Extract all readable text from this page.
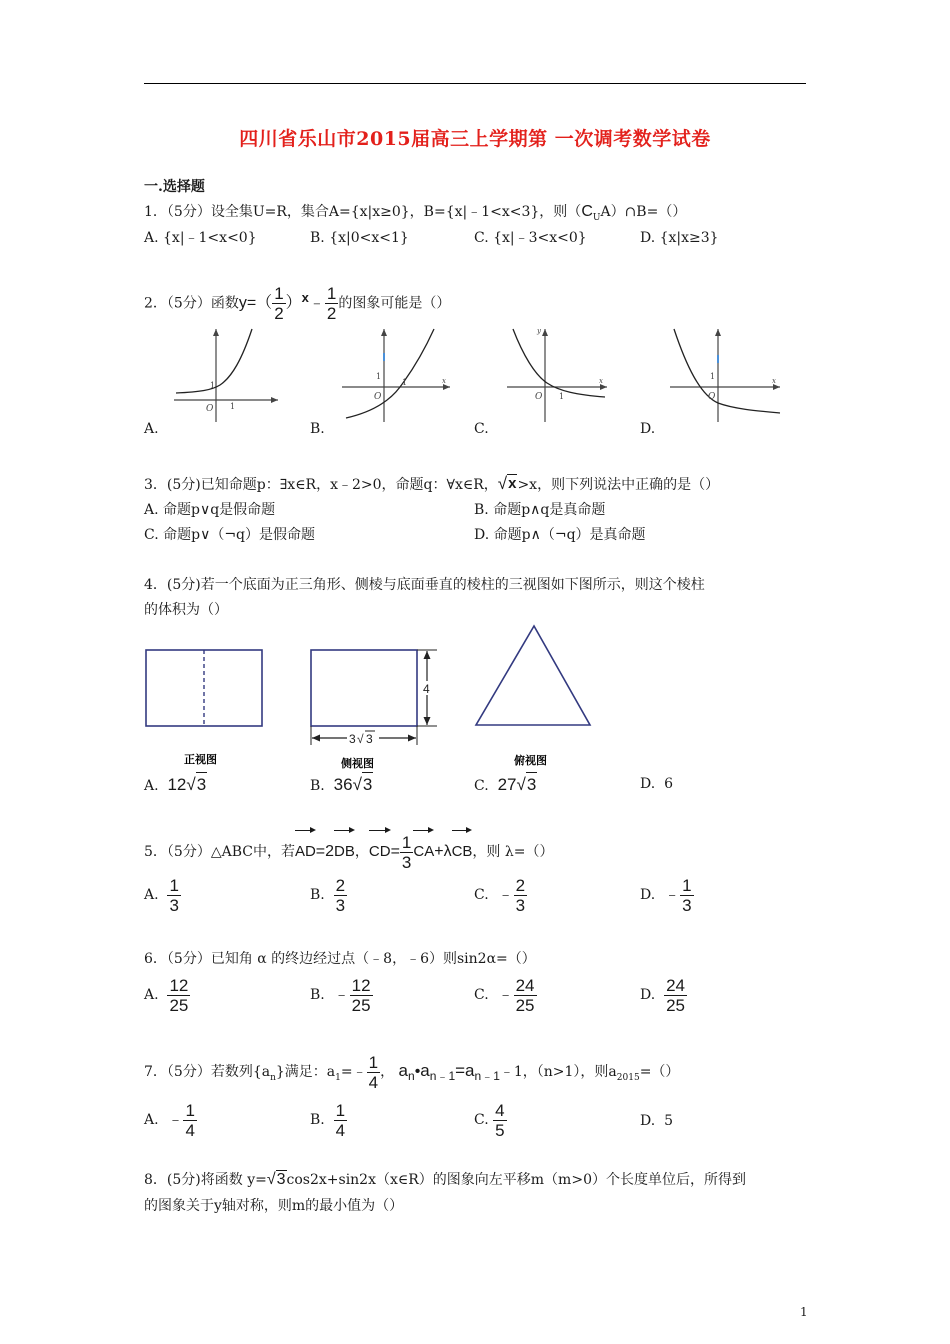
四川省乐山市2015届高三上学期第 一次调考数学试卷
一.选择题
1．（5分）设全集U=R，集合A={x|x≥0}，B={x|﹣1<x<3}，则$(C_UA)\cap B=()$
A. {x|﹣1<x<0}	B. {x|0<x<1}	C. {x|﹣3<x<0}	D. {x|x≥3}
2．（5分）函数$y=( \frac{1}{2}$ ）$^x﹣ \frac{1}{2}$ 的图象可能是（）
O 1
1
O
1
1	x
O 1
x
y
O
1	x
A.	B.	C.	D.
3．(5分)已知命题p：∃x∈R，x﹣2>0，命题q：∀x∈R， √ x >x，则下列说法中正确的是（）
A. 命题p∨q是假命题	B. 命题p∧q是真命题
C. 命题p∨（¬q）是假命题	D. 命题p∧（¬q）是真命题
4．(5分)若一个底面为正三角形、侧棱与底面垂直的棱柱的三视图如下图所示，则这个棱柱
的体积为（）
正视图
4
3 √ 3
侧视图	俯视图
A. 12 √ 3	B. 36 √ 3	C. 27 √ 3	D. 6
5．（5分）△ABC中，若AD=2DB，$CD= \frac{1}{3} CA+\lambda CB$，则 λ=（）
A. $\frac{1}{3}$	B. $\frac{2}{3}$	C. ﹣ $\frac{2}{3}$	D. ﹣ $\frac{1}{3}$
6．（5分）已知角 α 的终边经过点（﹣8，﹣6）则sin2α=（）
A. $\frac{12}{25}$	B. ﹣ $\frac{12}{25}$	C. ﹣ $\frac{24}{25}$	D. $\frac{24}{25}$
7．（5分）若数列$\{a_n\}$满足：$a_1=﹣ \frac{1}{4}$ ， $a_n•a_{n﹣1}=a_{n﹣1}﹣1$，（n>1），则$a_{2015}=()$
A. ﹣ $\frac{1}{4}$	B. $\frac{1}{4}$	C. $\frac{4}{5}$	D. 5
8．(5分)将函数 y= √ 3 cos2x+sin2x（x∈R）的图象向左平移m（m>0）个长度单位后，所得到
的图象关于y轴对称，则m的最小值为（）
1
